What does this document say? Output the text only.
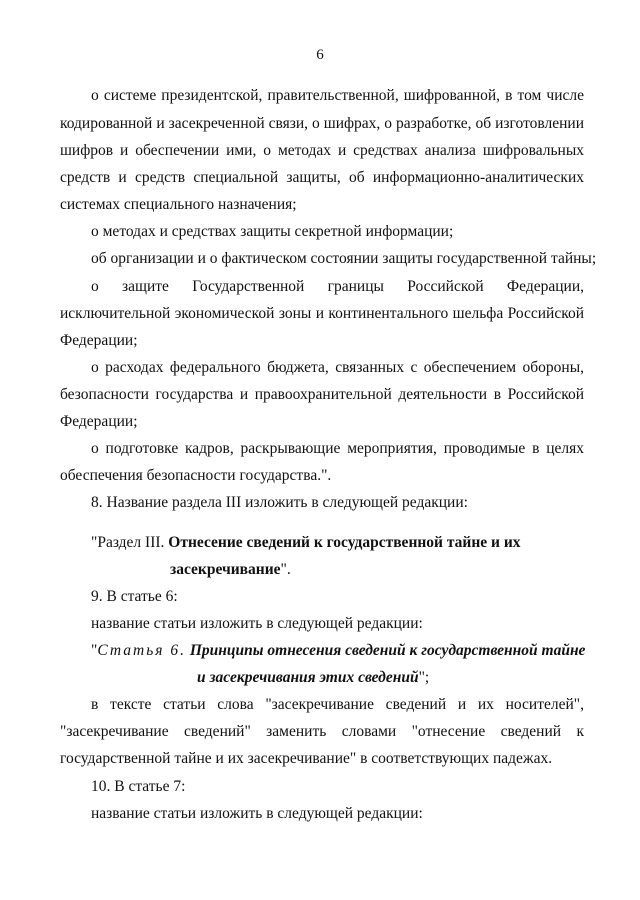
6
о системе президентской, правительственной, шифрованной, в том числе
кодированной и засекреченной связи, о шифрах, о разработке, об изготовлении
шифров и обеспечении ими, о методах и средствах анализа шифровальных
средств и средств специальной защиты, об информационно-аналитических
системах специального назначения;
о методах и средствах защиты секретной информации;
об организации и о фактическом состоянии защиты государственной тайны;
о защите Государственной границы Российской Федерации,
исключительной экономической зоны и континентального шельфа Российской
Федерации;
о расходах федерального бюджета, связанных с обеспечением обороны,
безопасности государства и правоохранительной деятельности в Российской
Федерации;
о подготовке кадров, раскрывающие мероприятия, проводимые в целях
обеспечения безопасности государства.".
8. Название раздела III изложить в следующей редакции:
"Раздел III. Отнесение сведений к государственной тайне и их
засекречивание".
9. В статье 6:
название статьи изложить в следующей редакции:
"Статья 6. Принципы отнесения сведений к государственной тайне
и засекречивания этих сведений";
в тексте статьи слова "засекречивание сведений и их носителей",
"засекречивание сведений" заменить словами "отнесение сведений к
государственной тайне и их засекречивание" в соответствующих падежах.
10. В статье 7:
название статьи изложить в следующей редакции:
